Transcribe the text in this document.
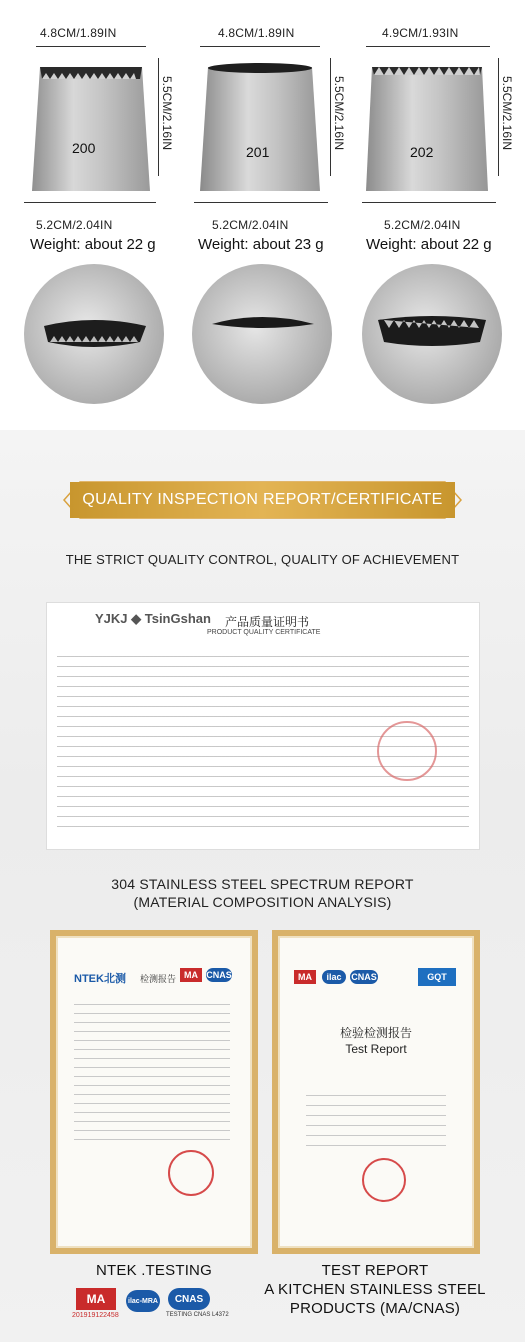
4.8CM/1.89IN
200	5.5CM/2.16IN
5.2CM/2.04IN
Weight: about 22 g
4.8CM/1.89IN
201
5.5CM/2.16IN
5.2CM/2.04IN
Weight: about 23 g
4.9CM/1.93IN
202
5.5CM/2.16IN
5.2CM/2.04IN
Weight: about 22 g
QUALITY INSPECTION REPORT/CERTIFICATE
THE STRICT QUALITY CONTROL, QUALITY OF ACHIEVEMENT
YJKJ ◆ TsinGshan 产品质量证明书
PRODUCT QUALITY CERTIFICATE
304 STAINLESS STEEL SPECTRUM REPORT
(MATERIAL COMPOSITION ANALYSIS)
NTEK北测 检测报告 MA CNAS	MA	ilac	CNAS	GQT
检验检测报告
Test Report
NTEK .TESTING	TEST REPORT
A KITCHEN STAINLESS STEEL
PRODUCTS (MA/CNAS)
MA
201919122458
ilac-MRA	CNAS
TESTING CNAS L4372
